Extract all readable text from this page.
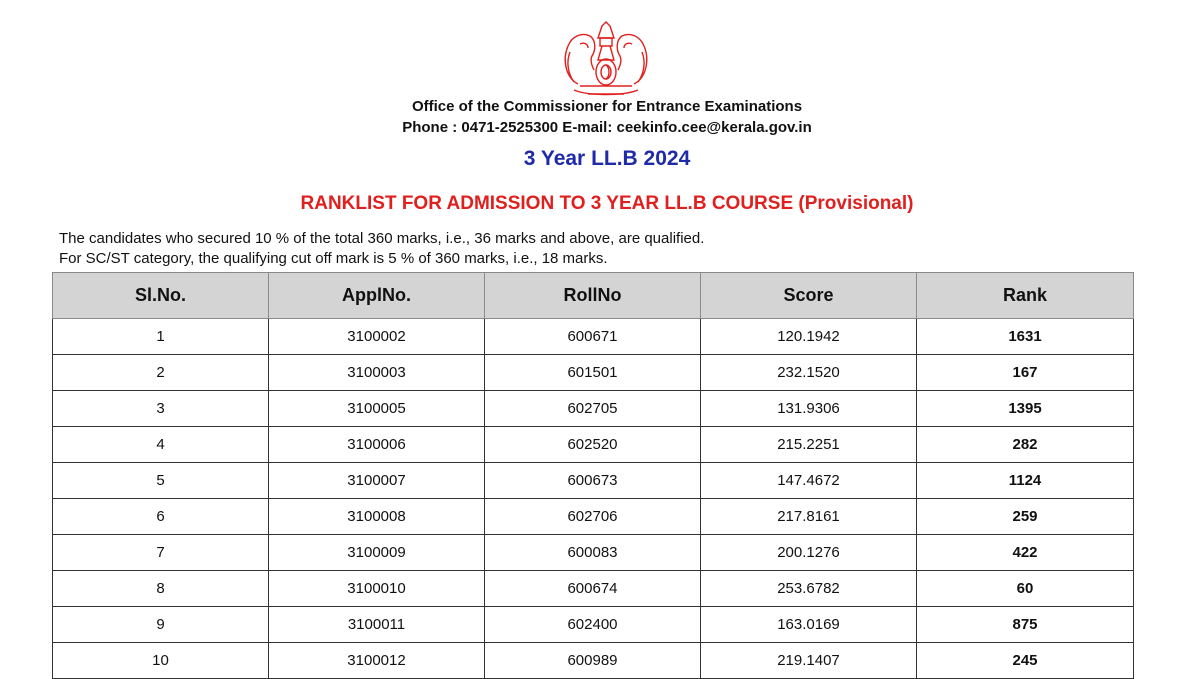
Office of the Commissioner for Entrance Examinations
Phone : 0471-2525300 E-mail: ceekinfo.cee@kerala.gov.in
3 Year LL.B 2024
RANKLIST FOR ADMISSION TO 3 YEAR LL.B COURSE (Provisional)
The candidates who secured 10 % of the total 360 marks, i.e., 36 marks and above, are qualified.
For SC/ST category, the qualifying cut off mark is 5 % of 360 marks, i.e., 18 marks.
Sl.No.	ApplNo.	RollNo	Score	Rank
1	3100002	600671	120.1942	1631
2	3100003	601501	232.1520	167
3	3100005	602705	131.9306	1395
4	3100006	602520	215.2251	282
5	3100007	600673	147.4672	1124
6	3100008	602706	217.8161	259
7	3100009	600083	200.1276	422
8	3100010	600674	253.6782	60
9	3100011	602400	163.0169	875
10	3100012	600989	219.1407	245
